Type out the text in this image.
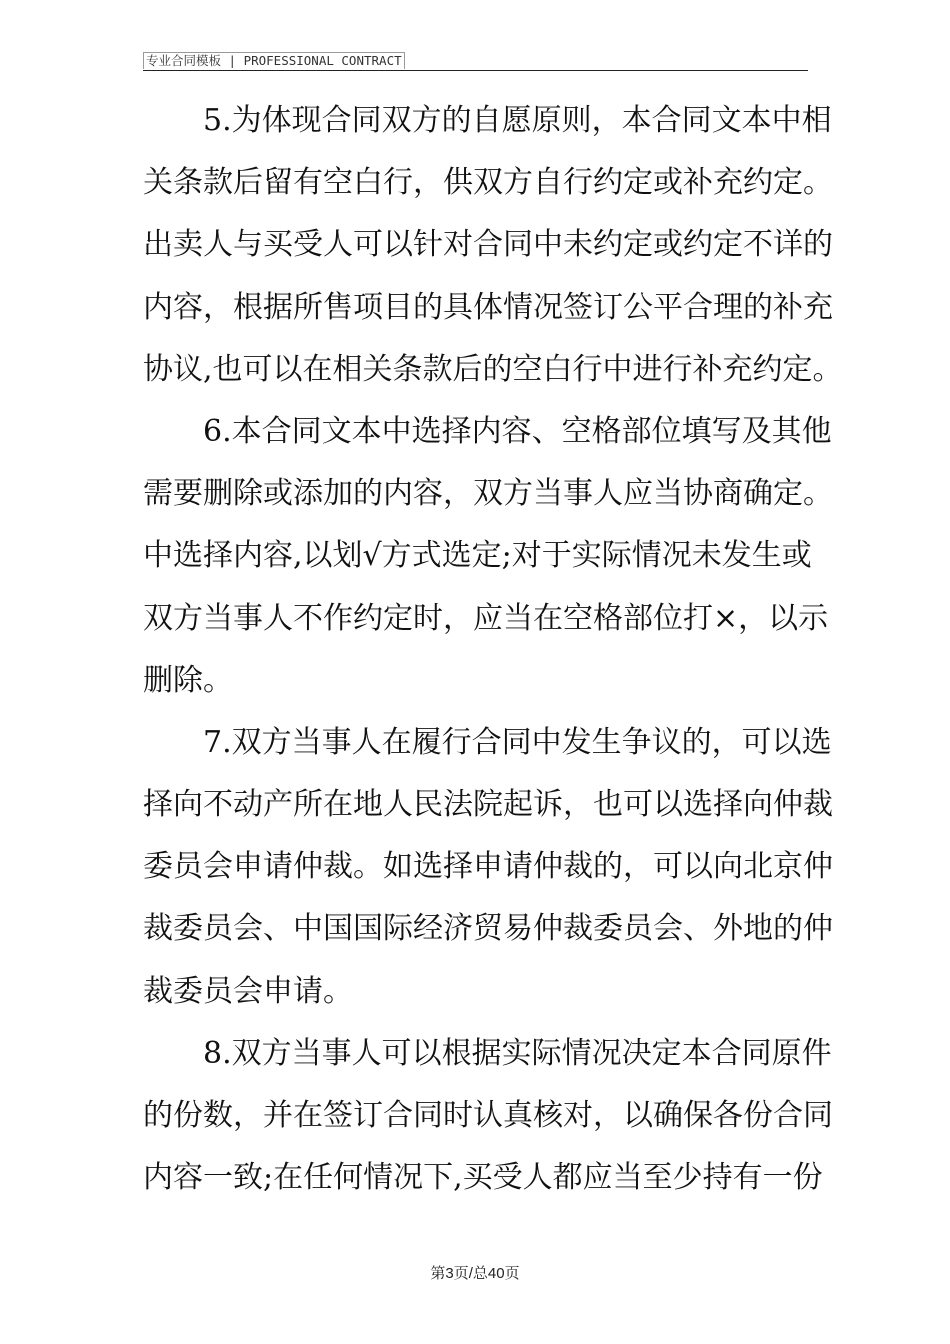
专业合同模板 | PROFESSIONAL CONTRACT
5.为体现合同双方的自愿原则，本合同文本中相
关条款后留有空白行，供双方自行约定或补充约定。
出卖人与买受人可以针对合同中未约定或约定不详的
内容，根据所售项目的具体情况签订公平合理的补充
协议,也可以在相关条款后的空白行中进行补充约定。
6.本合同文本中选择内容、空格部位填写及其他
需要删除或添加的内容，双方当事人应当协商确定。
中选择内容,以划√方式选定;对于实际情况未发生或
双方当事人不作约定时，应当在空格部位打×，以示
删除。
7.双方当事人在履行合同中发生争议的，可以选
择向不动产所在地人民法院起诉，也可以选择向仲裁
委员会申请仲裁。如选择申请仲裁的，可以向北京仲
裁委员会、中国国际经济贸易仲裁委员会、外地的仲
裁委员会申请。
8.双方当事人可以根据实际情况决定本合同原件
的份数，并在签订合同时认真核对，以确保各份合同
内容一致;在任何情况下,买受人都应当至少持有一份
第3页/总40页
